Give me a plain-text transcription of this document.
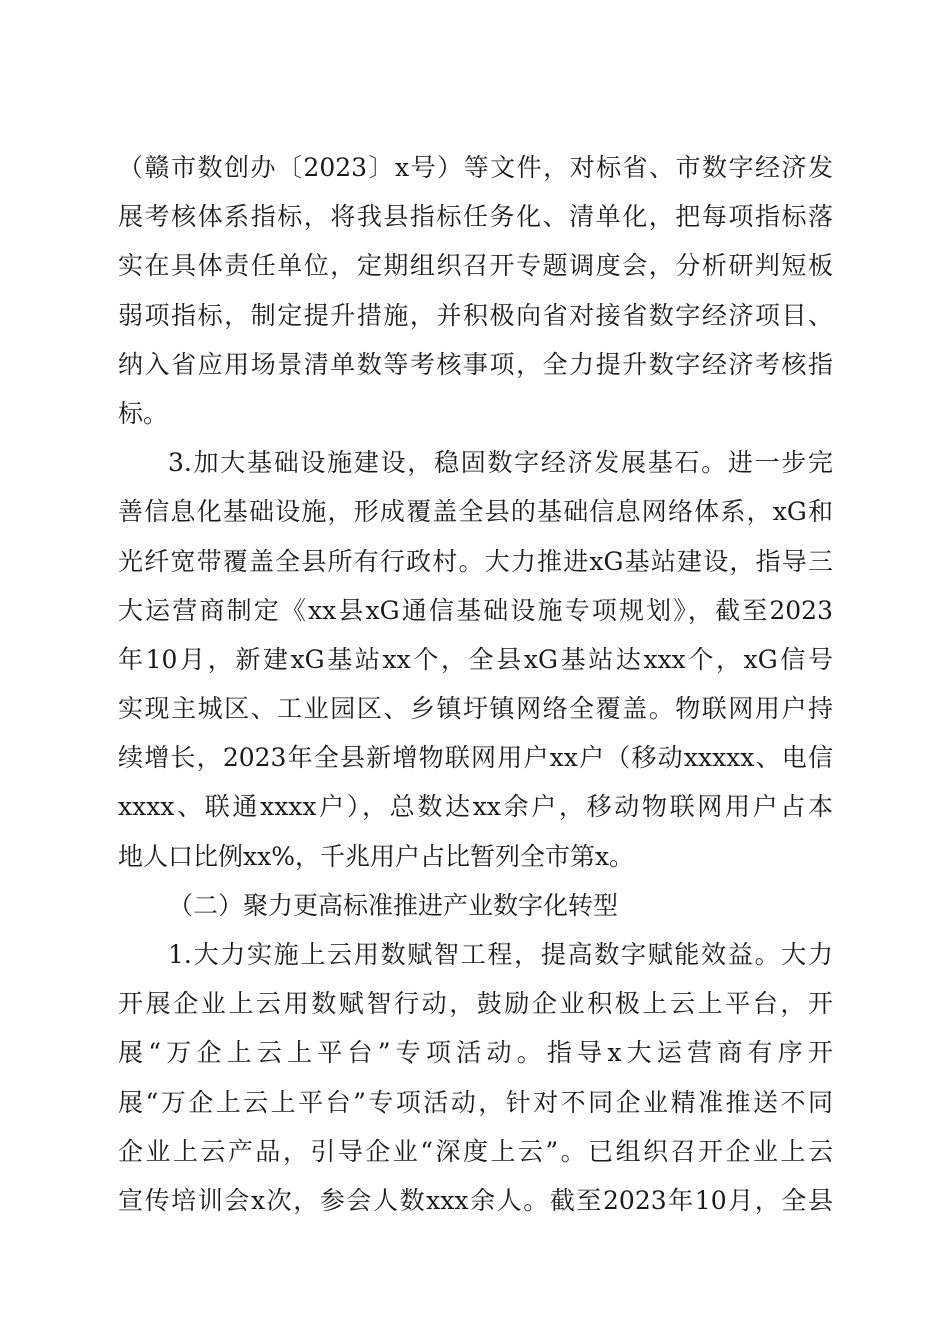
（赣市数创办〔2023〕x号）等文件，对标省、市数字经济发
展考核体系指标，将我县指标任务化、清单化，把每项指标落
实在具体责任单位，定期组织召开专题调度会，分析研判短板
弱项指标，制定提升措施，并积极向省对接省数字经济项目、
纳入省应用场景清单数等考核事项，全力提升数字经济考核指
标。
3.加大基础设施建设，稳固数字经济发展基石。进一步完
善信息化基础设施，形成覆盖全县的基础信息网络体系，xG和
光纤宽带覆盖全县所有行政村。大力推进xG基站建设，指导三
大运营商制定《xx县xG通信基础设施专项规划》，截至2023
年10月，新建xG基站xx个，全县xG基站达xxx个，xG信号
实现主城区、工业园区、乡镇圩镇网络全覆盖。物联网用户持
续增长，2023年全县新增物联网用户xx户（移动xxxxx、电信
xxxx、联通xxxx户），总数达xx余户，移动物联网用户占本
地人口比例xx%，千兆用户占比暂列全市第x。
（二）聚力更高标准推进产业数字化转型
1.大力实施上云用数赋智工程，提高数字赋能效益。大力
开展企业上云用数赋智行动，鼓励企业积极上云上平台，开
展“万企上云上平台”专项活动。指导x大运营商有序开
展“万企上云上平台”专项活动，针对不同企业精准推送不同
企业上云产品，引导企业“深度上云”。已组织召开企业上云
宣传培训会x次，参会人数xxx余人。截至2023年10月，全县
